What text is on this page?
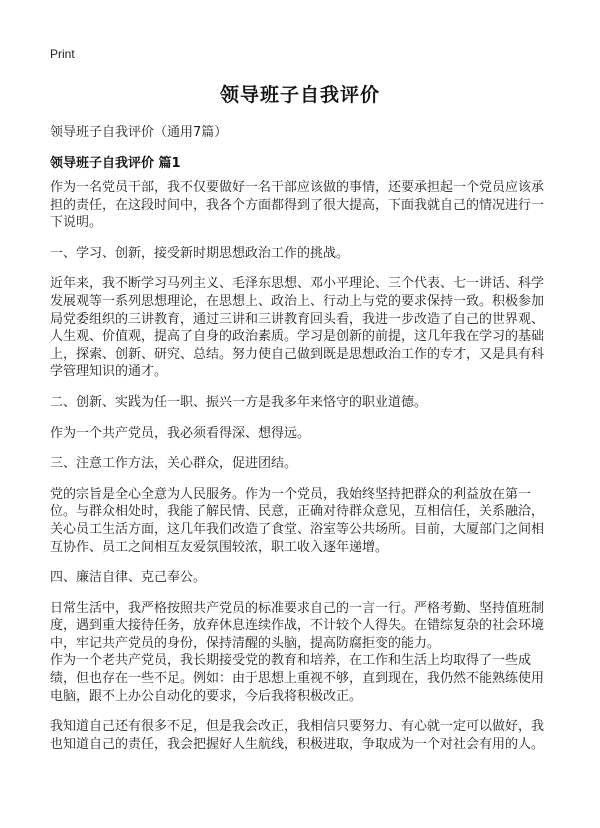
Print
领导班子自我评价
领导班子自我评价（通用7篇）
领导班子自我评价 篇1

作为一名党员干部，我不仅要做好一名干部应该做的事情，还要承担起一个党员应该承担的责任，在这段时间中，我各个方面都得到了很大提高，下面我就自己的情况进行一下说明。

一、学习、创新，接受新时期思想政治工作的挑战。

近年来，我不断学习马列主义、毛泽东思想、邓小平理论、三个代表、七一讲话、科学发展观等一系列思想理论，在思想上、政治上、行动上与党的要求保持一致。积极参加局党委组织的三讲教育，通过三讲和三讲教育回头看，我进一步改造了自己的世界观、人生观、价值观，提高了自身的政治素质。学习是创新的前提，这几年我在学习的基础上，探索、创新、研究、总结。努力使自己做到既是思想政治工作的专才，又是具有科学管理知识的通才。

二、创新、实践为任一职、振兴一方是我多年来恪守的职业道德。

作为一个共产党员，我必须看得深、想得远。

三、注意工作方法，关心群众，促进团结。

党的宗旨是全心全意为人民服务。作为一个党员，我始终坚持把群众的利益放在第一位。与群众相处时，我能了解民情、民意，正确对待群众意见，互相信任，关系融洽，关心员工生活方面，这几年我们改造了食堂、浴室等公共场所。目前，大厦部门之间相互协作、员工之间相互友爱氛围较浓，职工收入逐年递增。

四、廉洁自律、克己奉公。

日常生活中，我严格按照共产党员的标准要求自己的一言一行。严格考勤、坚持值班制度，遇到重大接待任务，放弃休息连续作战，不计较个人得失。在错综复杂的社会环境中，牢记共产党员的身份，保持清醒的头脑，提高防腐拒变的能力。

作为一个老共产党员，我长期接受党的教育和培养，在工作和生活上均取得了一些成绩，但也存在一些不足。例如：由于思想上重视不够，直到现在，我仍然不能熟练使用电脑，跟不上办公自动化的要求，今后我将积极改正。

我知道自己还有很多不足，但是我会改正，我相信只要努力、有心就一定可以做好，我也知道自己的责任，我会把握好人生航线，积极进取，争取成为一个对社会有用的人。
